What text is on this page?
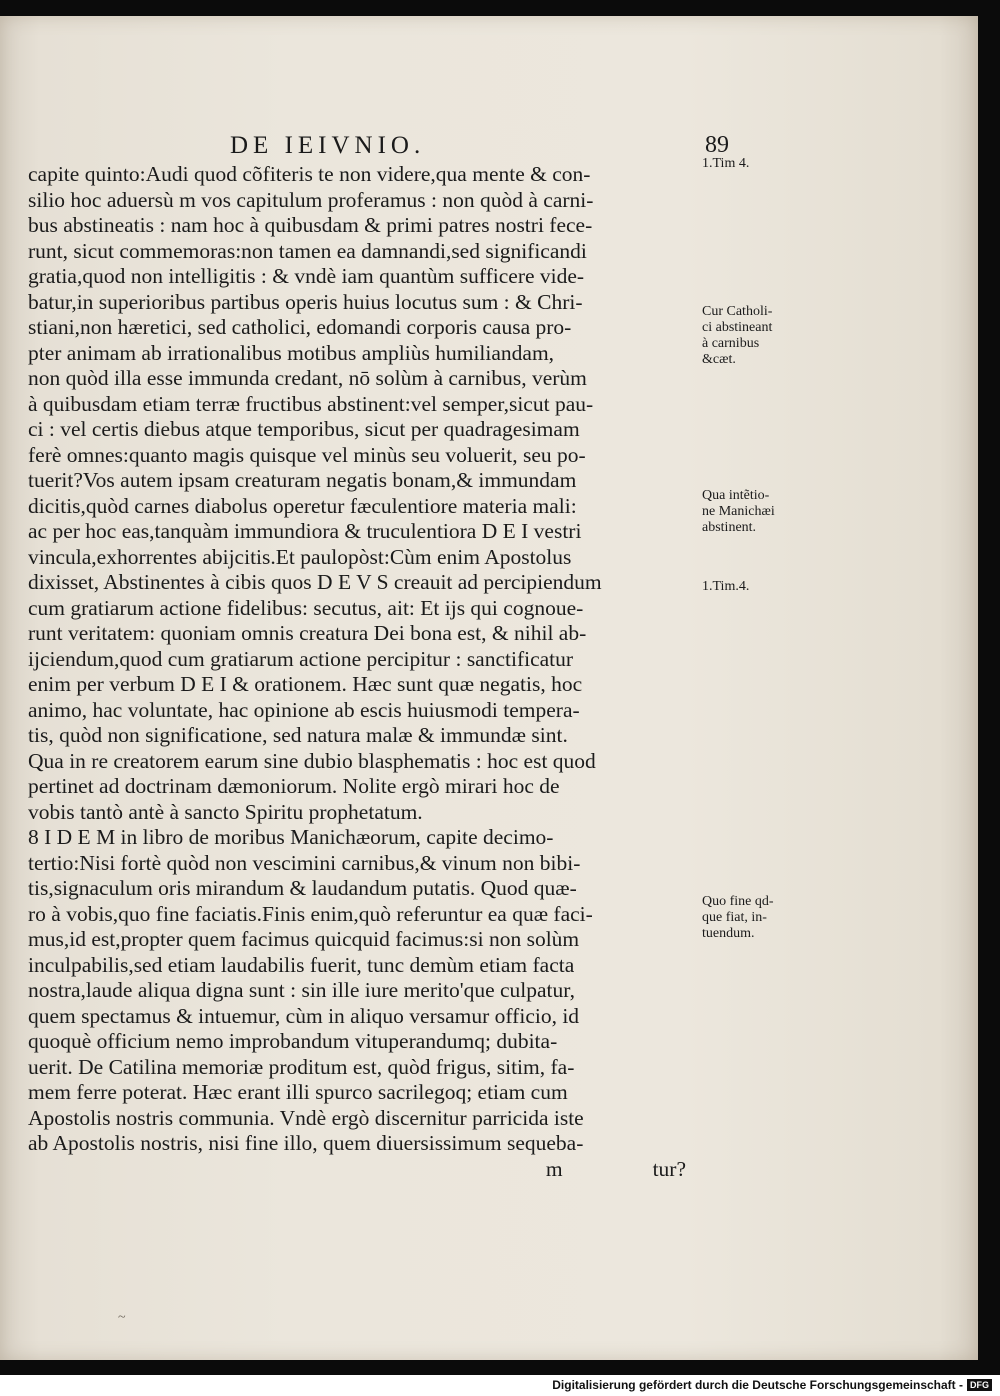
DE IEIVNIO.	89
capite quinto:Audi quod cõfiteris te non videre,qua mente & con-
silio hoc aduersù m vos capitulum proferamus : non quòd à carni-
bus abstineatis : nam hoc à quibusdam & primi patres nostri fece-
runt, sicut commemoras:non tamen ea damnandi,sed significandi
gratia,quod non intelligitis : & vndè iam quantùm sufficere vide-
batur,in superioribus partibus operis huius locutus sum : & Chri-
stiani,non hæretici, sed catholici, edomandi corporis causa pro-
pter animam ab irrationalibus motibus ampliùs humiliandam,
non quòd illa esse immunda credant, nō solùm à carnibus, verùm
à quibusdam etiam terræ fructibus abstinent:vel semper,sicut pau-
ci : vel certis diebus atque temporibus, sicut per quadragesimam
ferè omnes:quanto magis quisque vel minùs seu voluerit, seu po-
tuerit?Vos autem ipsam creaturam negatis bonam,& immundam
dicitis,quòd carnes diabolus operetur fæculentiore materia mali:
ac per hoc eas,tanquàm immundiora & truculentiora D E I vestri
vincula,exhorrentes abijcitis.Et paulopòst:Cùm enim Apostolus
dixisset, Abstinentes à cibis quos D E V S creauit ad percipiendum
cum gratiarum actione fidelibus: secutus, ait: Et ijs qui cognoue-
runt veritatem: quoniam omnis creatura Dei bona est, & nihil ab-
ijciendum,quod cum gratiarum actione percipitur : sanctificatur
enim per verbum D E I & orationem. Hæc sunt quæ negatis, hoc
animo, hac voluntate, hac opinione ab escis huiusmodi tempera-
tis, quòd non significatione, sed natura malæ & immundæ sint.
Qua in re creatorem earum sine dubio blasphematis : hoc est quod
pertinet ad doctrinam dæmoniorum. Nolite ergò mirari hoc de
vobis tantò antè à sancto Spiritu prophetatum.
8 I D E M in libro de moribus Manichæorum, capite decimo-
tertio:Nisi fortè quòd non vescimini carnibus,& vinum non bibi-
tis,signaculum oris mirandum & laudandum putatis. Quod quæ-
ro à vobis,quo fine faciatis.Finis enim,quò referuntur ea quæ faci-
mus,id est,propter quem facimus quicquid facimus:si non solùm
inculpabilis,sed etiam laudabilis fuerit, tunc demùm etiam facta
nostra,laude aliqua digna sunt : sin ille iure merito'que culpatur,
quem spectamus & intuemur, cùm in aliquo versamur officio, id
quoquè officium nemo improbandum vituperandumq; dubita-
uerit. De Catilina memoriæ proditum est, quòd frigus, sitim, fa-
mem ferre poterat. Hæc erant illi spurco sacrilegoq; etiam cum
Apostolis nostris communia. Vndè ergò discernitur parricida iste
ab Apostolis nostris, nisi fine illo, quem diuersissimum sequeba-
m	tur?
1.Tim 4.
Cur Catholi-
ci abstineant
à carnibus
&cæt.
Qua intẽtio-
ne Manichæi
abstinent.
1.Tim.4.
Quo fine qd-
que fiat, in-
tuendum.
~
Digitalisierung gefördert durch die Deutsche Forschungsgemeinschaft - DFG
